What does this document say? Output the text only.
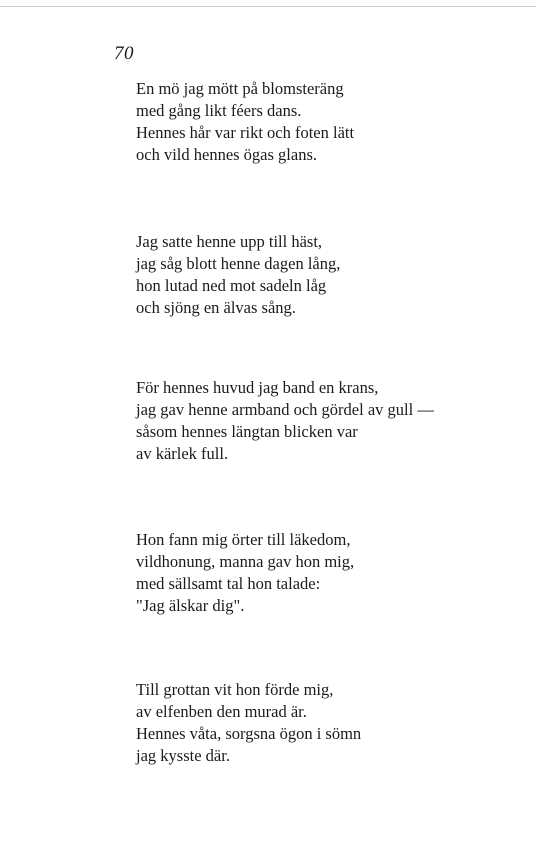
70
En mö jag mött på blomsteräng
med gång likt féers dans.
Hennes hår var rikt och foten lätt
och vild hennes ögas glans.
Jag satte henne upp till häst,
jag såg blott henne dagen lång,
hon lutad ned mot sadeln låg
och sjöng en älvas sång.
För hennes huvud jag band en krans,
jag gav henne armband och gördel av gull —
såsom hennes längtan blicken var
av kärlek full.
Hon fann mig örter till läkedom,
vildhonung, manna gav hon mig,
med sällsamt tal hon talade:
"Jag älskar dig".
Till grottan vit hon förde mig,
av elfenben den murad är.
Hennes våta, sorgsna ögon i sömn
jag kysste där.
